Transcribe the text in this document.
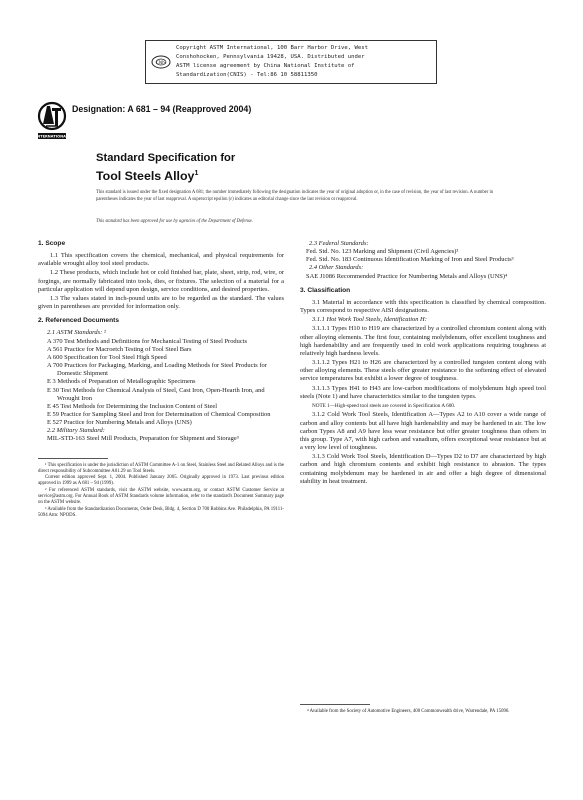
CNIS
Copyright ASTM International, 100 Barr Harbor Drive, West
Conshohocken, Pennsylvania 19428, USA. Distributed under
ASTM license agreement by China National Institute of
Standardization(CNIS) - Tel:86 10 58811350
INTERNATIONAL
Designation: A 681 – 94 (Reapproved 2004)
Standard Specification for
Tool Steels Alloy$^1$
This standard is issued under the fixed designation A 681; the number immediately following the designation indicates the year of original adoption or, in the case of revision, the year of last revision. A number in parentheses indicates the year of last reapproval. A superscript epsilon (ε) indicates an editorial change since the last revision or reapproval.
This standard has been approved for use by agencies of the Department of Defense.
1. Scope

1.1 This specification covers the chemical, mechanical, and physical requirements for available wrought alloy tool steel products.

1.2 These products, which include hot or cold finished bar, plate, sheet, strip, rod, wire, or forgings, are normally fabricated into tools, dies, or fixtures. The selection of a material for a particular application will depend upon design, service conditions, and desired properties.

1.3 The values stated in inch-pound units are to be regarded as the standard. The values given in parentheses are provided for information only.

2. Referenced Documents
2.1 ASTM Standards: ²
A 370 Test Methods and Definitions for Mechanical Testing of Steel Products
A 561 Practice for Macroetch Testing of Tool Steel Bars
A 600 Specification for Tool Steel High Speed
A 700 Practices for Packaging, Marking, and Loading Methods for Steel Products for Domestic Shipment
E 3 Methods of Preparation of Metallographic Specimens
E 30 Test Methods for Chemical Analysis of Steel, Cast Iron, Open-Hearth Iron, and Wrought Iron
E 45 Test Methods for Determining the Inclusion Content of Steel
E 59 Practice for Sampling Steel and Iron for Determination of Chemical Composition
E 527 Practice for Numbering Metals and Alloys (UNS)
2.2 Military Standard:
MIL-STD-163 Steel Mill Products, Preparation for Shipment and Storage³

¹ This specification is under the jurisdiction of ASTM Committee A-1 on Steel, Stainless Steel and Related Alloys and is the direct responsibility of Subcommittee A01.29 on Tool Steels.

Current edition approved Sept. 1, 2004. Published January 2005. Originally approved in 1973. Last previous edition approved in 1999 as A 681 – 94 (1999).

² For referenced ASTM standards, visit the ASTM website, www.astm.org, or contact ASTM Customer Service at service@astm.org. For Annual Book of ASTM Standards volume information, refer to the standard's Document Summary page on the ASTM website.

³ Available from the Standardization Documents, Order Desk, Bldg. 4, Section D 700 Robbins Ave. Philadelphia, PA 19111-5094 Attn: NPODS.

2.3 Federal Standards:
Fed. Std. No. 123 Marking and Shipment (Civil Agencies)³
Fed. Std. No. 183 Continuous Identification Marking of Iron and Steel Products³
2.4 Other Standards:
SAE J1086 Recommended Practice for Numbering Metals and Alloys (UNS)⁴
3. Classification

3.1 Material in accordance with this specification is classified by chemical composition. Types correspond to respective AISI designations.

3.1.1 Hot Work Tool Steels, Identification H:

3.1.1.1 Types H10 to H19 are characterized by a controlled chromium content along with other alloying elements. The first four, containing molybdenum, offer excellent toughness and high hardenability and are frequently used in cold work applications requiring toughness at relatively high hardness levels.

3.1.1.2 Types H21 to H26 are characterized by a controlled tungsten content along with other alloying elements. These steels offer greater resistance to the softening effect of elevated service temperatures but exhibit a lower degree of toughness.

3.1.1.3 Types H41 to H43 are low-carbon modifications of molybdenum high speed tool steels (Note 1) and have characteristics similar to the tungsten types.

NOTE 1—High-speed tool steels are covered in Specification A 600.

3.1.2 Cold Work Tool Steels, Identification A—Types A2 to A10 cover a wide range of carbon and alloy contents but all have high hardenability and may be hardened in air. The low carbon Types A8 and A9 have less wear resistance but offer greater toughness than others in this group. Type A7, with high carbon and vanadium, offers exceptional wear resistance but at a very low level of toughness.

3.1.3 Cold Work Tool Steels, Identification D—Types D2 to D7 are characterized by high carbon and high chromium contents and exhibit high resistance to abrasion. The types containing molybdenum may be hardened in air and offer a high degree of dimensional stability in heat treatment.

⁴ Available from the Society of Automotive Engineers, 400 Commonwealth drive, Warrendale, PA 15096.
